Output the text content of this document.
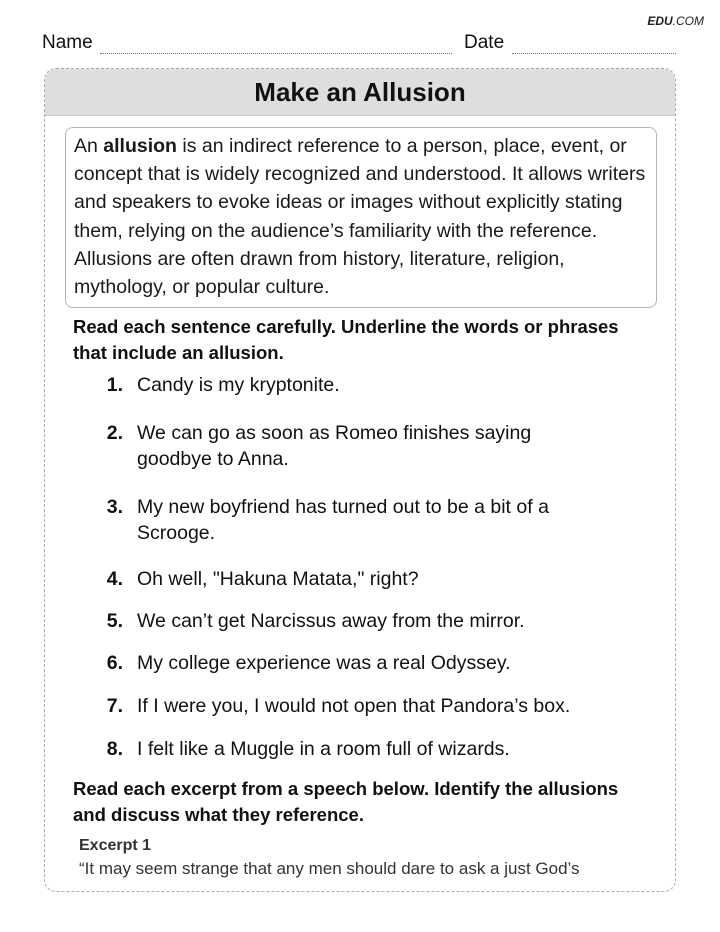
EDU.COM
Name	Date
Make an Allusion
An allusion is an indirect reference to a person, place, event, or concept that is widely recognized and understood. It allows writers and speakers to evoke ideas or images without explicitly stating them, relying on the audience’s familiarity with the reference. Allusions are often drawn from history, literature, religion, mythology, or popular culture.
Read each sentence carefully. Underline the words or phrases that include an allusion.
1. Candy is my kryptonite.
2. We can go as soon as Romeo finishes saying goodbye to Anna.
3. My new boyfriend has turned out to be a bit of a Scrooge.
4. Oh well, "Hakuna Matata," right?
5. We can’t get Narcissus away from the mirror.
6. My college experience was a real Odyssey.
7. If I were you, I would not open that Pandora’s box.
8. I felt like a Muggle in a room full of wizards.
Read each excerpt from a speech below. Identify the allusions and discuss what they reference.
Excerpt 1
“It may seem strange that any men should dare to ask a just God’s
